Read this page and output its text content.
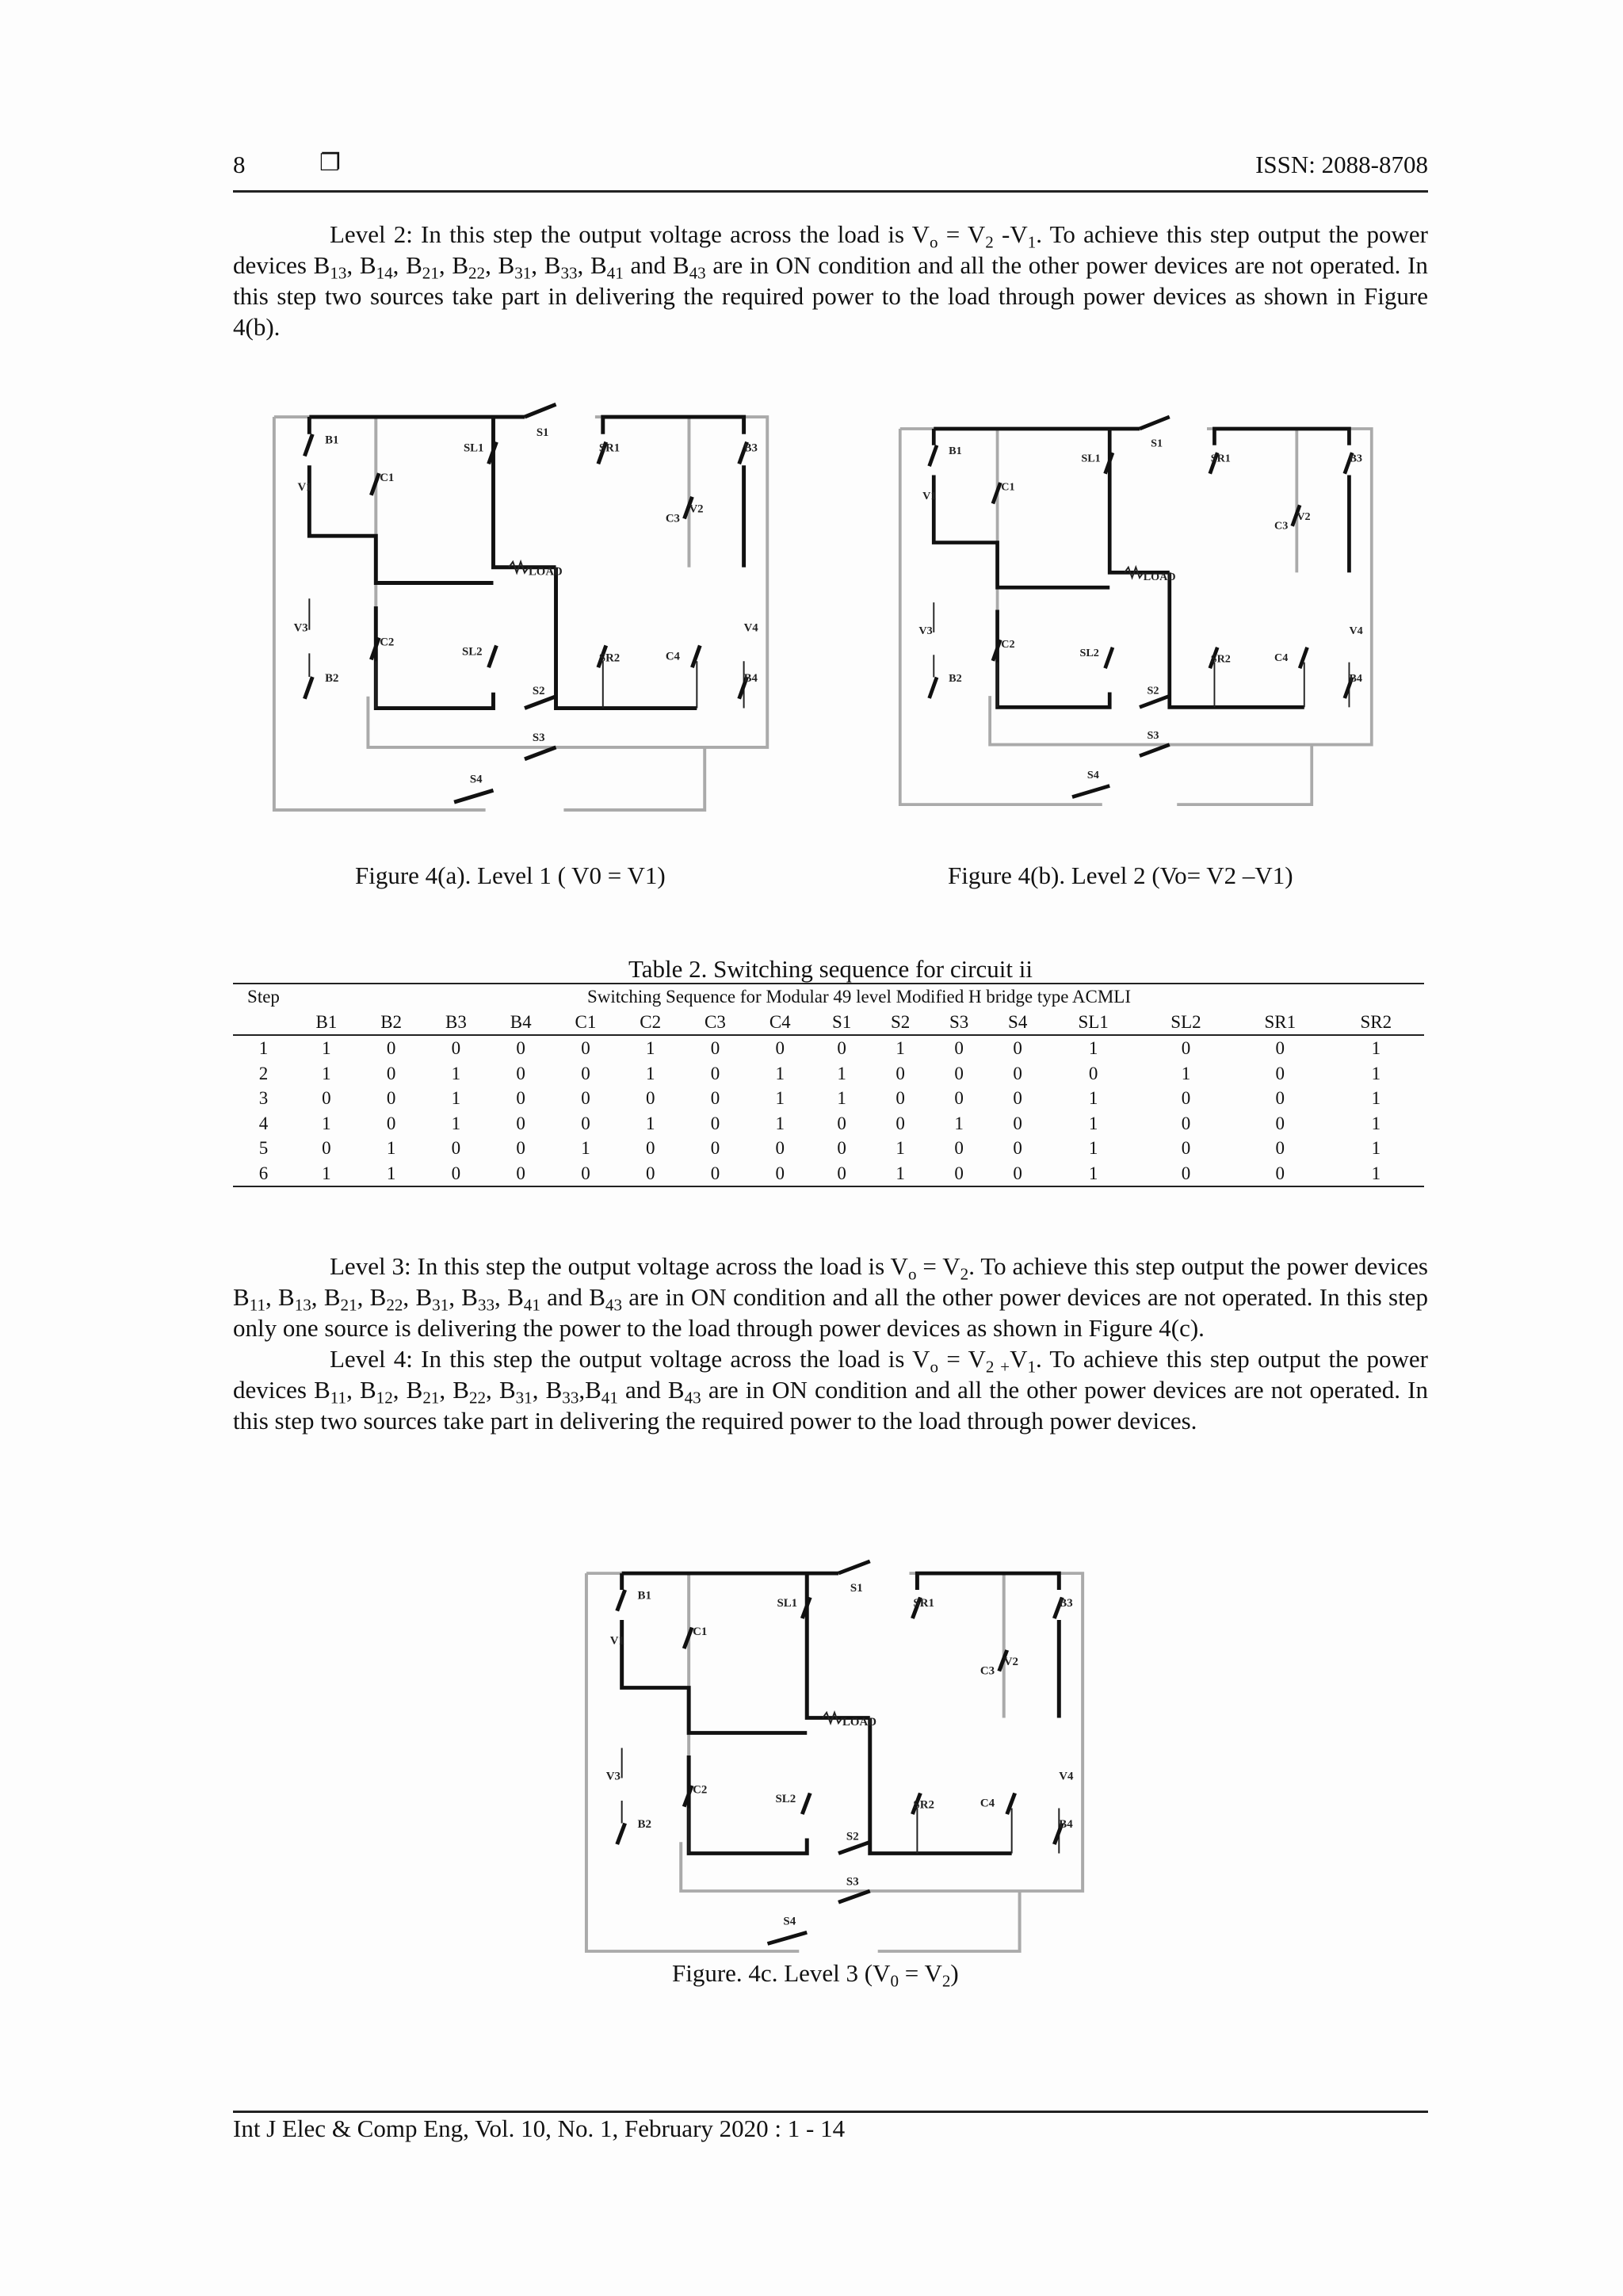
8	❐	ISSN: 2088-8708

Level 2: In this step the output voltage across the load is $V_o = V_2$ $-V_1$. To achieve this step output the power devices $B_{13}$, $B_{14}$, $B_{21}$, $B_{22}$, $B_{31}$, $B_{33}$, $B_{41}$ and $B_{43}$ are in ON condition and all the other power devices are not operated. In this step two sources take part in delivering the required power to the load through power devices as shown in Figure 4(b).

B1
C1
V1
SL1
S1
SR1	B3
V2
C3
LOAD
V3
C2
SL2	SR2	C4
V4
B2
S2
B4
S3
S4
B1
C1
V1
SL1
S1
SR1	B3
V2
C3
LOAD
V3
C2
SL2	SR2	C4
V4
B2
S2
B4
S3
S4
Figure 4(a). Level 1 ( V0 = V1)	Figure 4(b). Level 2 (Vo= V2 –V1)
Table 2. Switching sequence for circuit ii
Step	Switching Sequence for Modular 49 level Modified H bridge type ACMLI															
	B1	B2	B3	B4	C1	C2	C3	C4	S1	S2	S3	S4	SL1	SL2	SR1	SR2
1	1	0	0	0	0	1	0	0	0	1	0	0	1	0	0	1
2	1	0	1	0	0	1	0	1	1	0	0	0	0	1	0	1
3	0	0	1	0	0	0	0	1	1	0	0	0	1	0	0	1
4	1	0	1	0	0	1	0	1	0	0	1	0	1	0	0	1
5	0	1	0	0	1	0	0	0	0	1	0	0	1	0	0	1
6	1	1	0	0	0	0	0	0	0	1	0	0	1	0	0	1

Level 3: In this step the output voltage across the load is $V_o = V_2$. To achieve this step output the power devices $B_{11}$, $B_{13}$, $B_{21}$, $B_{22}$, $B_{31}$, $B_{33}$, $B_{41}$ and $B_{43}$ are in ON condition and all the other power devices are not operated. In this step only one source is delivering the power to the load through power devices as shown in Figure 4(c).

Level 4: In this step the output voltage across the load is $V_o = V_{2 +}V_1$. To achieve this step output the power devices $B_{11}$, $B_{12}$, $B_{21}$, $B_{22}$, $B_{31}$, $B_{33},B_{41}$ and $B_{43}$ are in ON condition and all the other power devices are not operated. In this step two sources take part in delivering the required power to the load through power devices.

B1
C1
V1
SL1
S1
SR1	B3
V2
C3
LOAD
V3
C2
SL2	SR2	C4
V4
B2
S2
B4
S3
S4
Figure. 4c. Level 3 $(V_0 = V_2)$
Int J Elec & Comp Eng, Vol. 10, No. 1, February 2020 : 1 - 14
